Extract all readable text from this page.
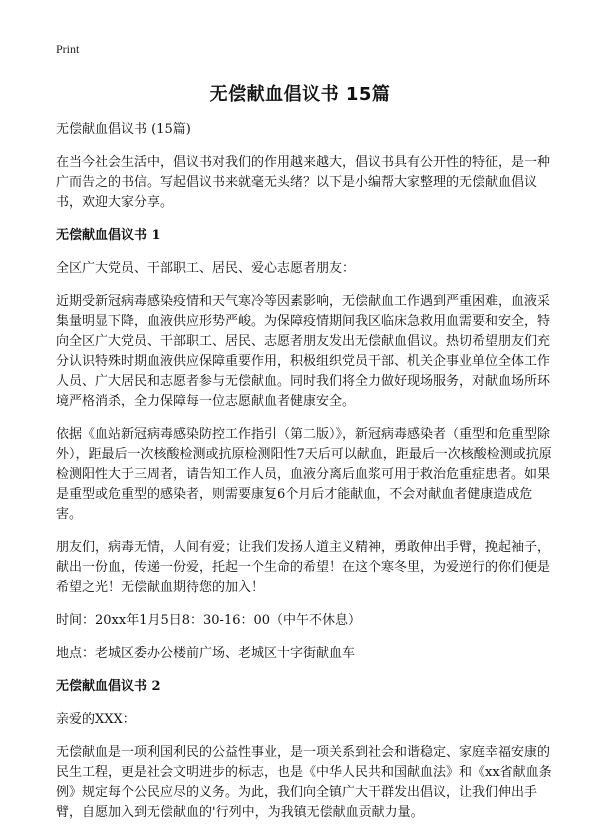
Print
无偿献血倡议书 15篇

无偿献血倡议书 (15篇)

在当今社会生活中，倡议书对我们的作用越来越大，倡议书具有公开性的特征，是一种广而告之的书信。写起倡议书来就毫无头绪？以下是小编帮大家整理的无偿献血倡议书，欢迎大家分享。

无偿献血倡议书 1

全区广大党员、干部职工、居民、爱心志愿者朋友：

近期受新冠病毒感染疫情和天气寒冷等因素影响，无偿献血工作遇到严重困难，血液采集量明显下降，血液供应形势严峻。为保障疫情期间我区临床急救用血需要和安全，特向全区广大党员、干部职工、居民、志愿者朋友发出无偿献血倡议。热切希望朋友们充分认识特殊时期血液供应保障重要作用，积极组织党员干部、机关企事业单位全体工作人员、广大居民和志愿者参与无偿献血。同时我们将全力做好现场服务，对献血场所环境严格消杀，全力保障每一位志愿献血者健康安全。

依据《血站新冠病毒感染防控工作指引（第二版）》，新冠病毒感染者（重型和危重型除外），距最后一次核酸检测或抗原检测阳性7天后可以献血，距最后一次核酸检测或抗原检测阳性大于三周者，请告知工作人员，血液分离后血浆可用于救治危重症患者。如果是重型或危重型的感染者，则需要康复6个月后才能献血，不会对献血者健康造成危害。

朋友们，病毒无情，人间有爱；让我们发扬人道主义精神，勇敢伸出手臂，挽起袖子，献出一份血，传递一份爱，托起一个生命的希望！在这个寒冬里，为爱逆行的你们便是希望之光！无偿献血期待您的加入！

时间：20xx年1月5日8：30-16：00（中午不休息）

地点：老城区委办公楼前广场、老城区十字街献血车

无偿献血倡议书 2

亲爱的XXX：

无偿献血是一项利国利民的公益性事业，是一项关系到社会和谐稳定、家庭幸福安康的民生工程，更是社会文明进步的标志，也是《中华人民共和国献血法》和《xx省献血条例》规定每个公民应尽的义务。为此，我们向全镇广大干群发出倡议，让我们伸出手臂，自愿加入到无偿献血的'行列中，为我镇无偿献血贡献力量。
